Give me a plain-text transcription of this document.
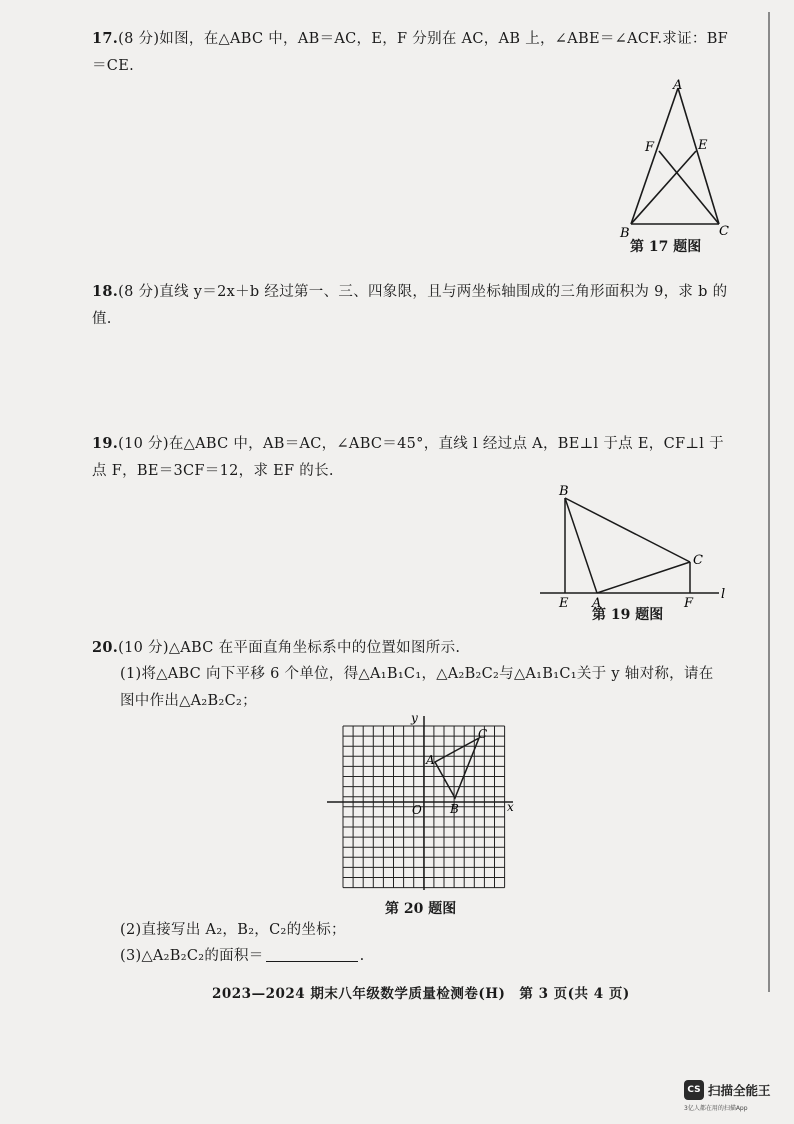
17.(8 分)如图，在△ABC 中，AB＝AC，E，F 分别在 AC，AB 上，∠ABE＝∠ACF.求证：BF＝CE.
A
F	E
B	C
第 17 题图
18.(8 分)直线 y＝2x＋b 经过第一、三、四象限，且与两坐标轴围成的三角形面积为 9，求 b 的值.
19.(10 分)在△ABC 中，AB＝AC，∠ABC＝45°，直线 l 经过点 A，BE⊥l 于点 E，CF⊥l 于点 F，BE＝3CF＝12，求 EF 的长.
B
C
E A	F
l
第 19 题图
20.(10 分)△ABC 在平面直角坐标系中的位置如图所示.
(1)将△ABC 向下平移 6 个单位，得△A₁B₁C₁，△A₂B₂C₂与△A₁B₁C₁关于 y 轴对称，请在图中作出△A₂B₂C₂；
y
x
O
A
B
C
第 20 题图
(2)直接写出 A₂，B₂，C₂的坐标；
(3)△A₂B₂C₂的面积＝	.
2023—2024 期末八年级数学质量检测卷(H)　第 3 页(共 4 页)
CS 扫描全能王
3亿人都在用的扫描App
